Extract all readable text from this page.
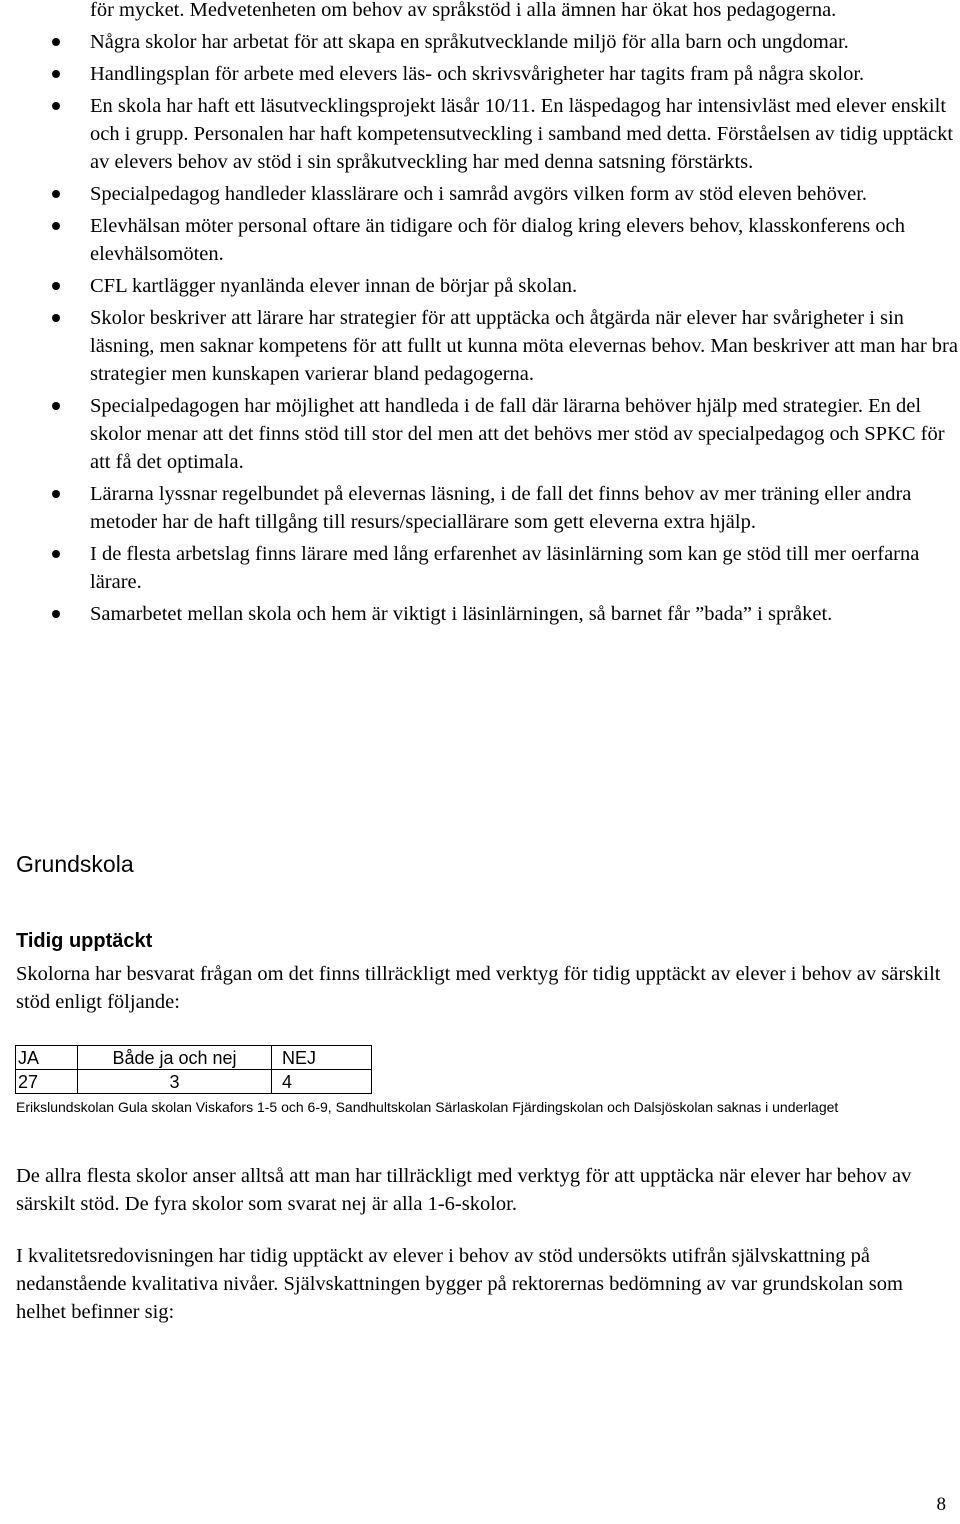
för mycket. Medvetenheten om behov av språkstöd i alla ämnen har ökat hos pedagogerna.
Några skolor har arbetat för att skapa en språkutvecklande miljö för alla barn och ungdomar.
Handlingsplan för arbete med elevers läs- och skrivsvårigheter har tagits fram på några skolor.
En skola har haft ett läsutvecklingsprojekt läsår 10/11. En läspedagog har intensivläst med elever enskilt och i grupp. Personalen har haft kompetensutveckling i samband med detta. Förståelsen av tidig upptäckt av elevers behov av stöd i sin språkutveckling har med denna satsning förstärkts.
Specialpedagog handleder klasslärare och i samråd avgörs vilken form av stöd eleven behöver.
Elevhälsan möter personal oftare än tidigare och för dialog kring elevers behov, klasskonferens och elevhälsomöten.
CFL kartlägger nyanlända elever innan de börjar på skolan.
Skolor beskriver att lärare har strategier för att upptäcka och åtgärda när elever har svårigheter i sin läsning, men saknar kompetens för att fullt ut kunna möta elevernas behov. Man beskriver att man har bra strategier men kunskapen varierar bland pedagogerna.
Specialpedagogen har möjlighet att handleda i de fall där lärarna behöver hjälp med strategier. En del skolor menar att det finns stöd till stor del men att det behövs mer stöd av specialpedagog och SPKC för att få det optimala.
Lärarna lyssnar regelbundet på elevernas läsning, i de fall det finns behov av mer träning eller andra metoder har de haft tillgång till resurs/speciallärare som gett eleverna extra hjälp.
I de flesta arbetslag finns lärare med lång erfarenhet av läsinlärning som kan ge stöd till mer oerfarna lärare.
Samarbetet mellan skola och hem är viktigt i läsinlärningen, så barnet får ”bada” i språket.
Grundskola
Tidig upptäckt

Skolorna har besvarat frågan om det finns tillräckligt med verktyg för tidig upptäckt av elever i behov av särskilt stöd enligt följande:

JA	Både ja och nej	NEJ
27	3	4

Erikslundskolan Gula skolan Viskafors 1-5 och 6-9, Sandhultskolan Särlaskolan Fjärdingskolan och Dalsjöskolan saknas i underlaget

De allra flesta skolor anser alltså att man har tillräckligt med verktyg för att upptäcka när elever har behov av särskilt stöd. De fyra skolor som svarat nej är alla 1-6-skolor.

I kvalitetsredovisningen har tidig upptäckt av elever i behov av stöd undersökts utifrån självskattning på nedanstående kvalitativa nivåer. Självskattningen bygger på rektorernas bedömning av var grundskolan som helhet befinner sig:

8
